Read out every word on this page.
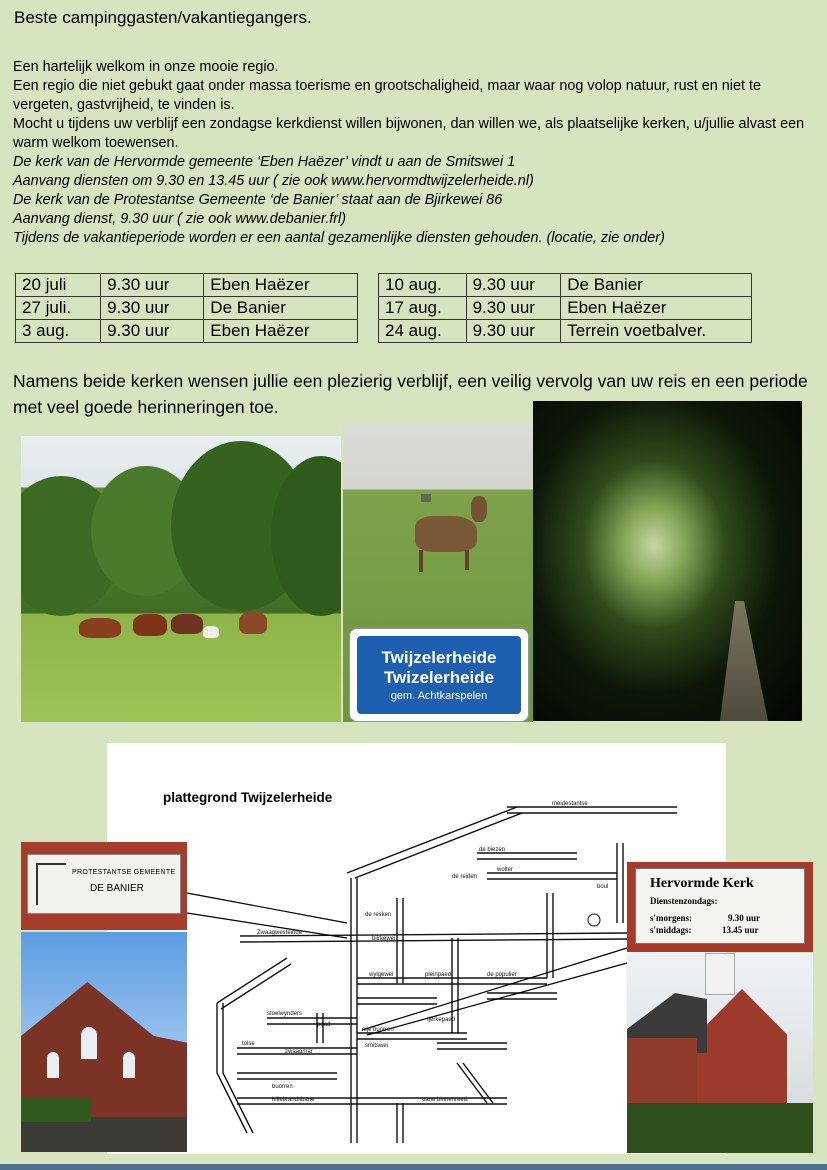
Beste campinggasten/vakantiegangers.

Een hartelijk welkom in onze mooie regio.

Een regio die niet gebukt gaat onder massa toerisme en grootschaligheid, maar waar nog volop natuur, rust en niet te vergeten, gastvrijheid, te vinden is.

Mocht u tijdens uw verblijf een zondagse kerkdienst willen bijwonen, dan willen we, als plaatselijke kerken, u/jullie alvast een warm welkom toewensen.

De kerk van de Hervormde gemeente ‘Eben Haëzer’ vindt u aan de Smitswei 1

Aanvang diensten om 9.30 en 13.45 uur ( zie ook www.hervormdtwijzelerheide.nl)

De kerk van de Protestantse Gemeente ‘de Banier’ staat aan de Bjirkewei 86

Aanvang dienst, 9.30 uur ( zie ook www.debanier.frl)

Tijdens de vakantieperiode worden er een aantal gezamenlijke diensten gehouden. (locatie, zie onder)

20 juli	9.30 uur	Eben Haëzer
27 juli.	9.30 uur	De Banier
3 aug.	9.30 uur	Eben Haëzer
10 aug.	9.30 uur	De Banier
17 aug.	9.30 uur	Eben Haëzer
24 aug.	9.30 uur	Terrein voetbalver.
Namens beide kerken wensen jullie een plezierig verblijf, een veilig vervolg van uw reis en een periode met veel goede herinneringen toe.
Twijzelerheide
Twizelerheide
gem. Achtkarspelen
plattegrond Twijzelerheide
Zwaagwesteinde
bjirkewei
wylgewei	pleinpaed	de populier
de biezen
wolter
boul
de reiden
de resken
stoelwynders
paad
nije buorren
smitswei
tjerkepaed
tolse
zwaagmar
buorren
hillebrandsbane	oane binnenreed
meidestantse
PROTESTANTSE GEMEENTE
DE BANIER	Hervormde Kerk
Dienstenzondags:
s'morgens:	9.30 uur
s'middags:	13.45 uur
